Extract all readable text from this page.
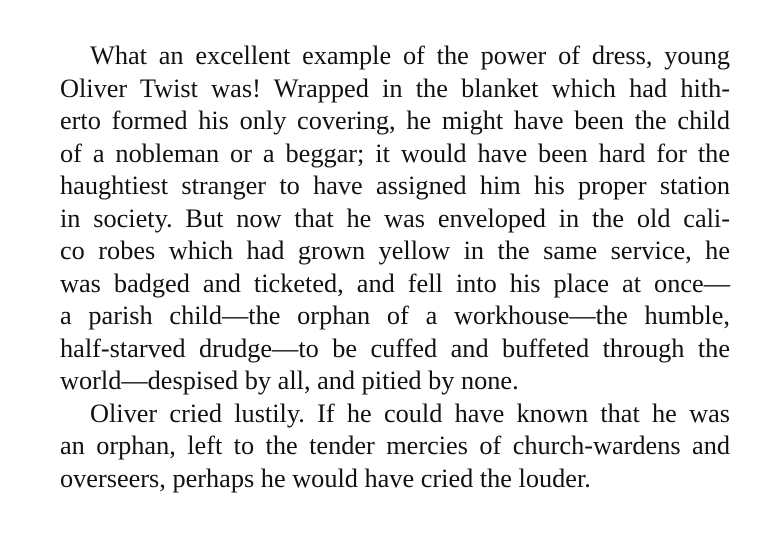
What an excellent example of the power of dress, young
Oliver Twist was! Wrapped in the blanket which had hith-
erto formed his only covering, he might have been the child
of a nobleman or a beggar; it would have been hard for the
haughtiest stranger to have assigned him his proper station
in society. But now that he was enveloped in the old cali-
co robes which had grown yellow in the same service, he
was badged and ticketed, and fell into his place at once—
a parish child—the orphan of a workhouse—the humble,
half-starved drudge—to be cuffed and buffeted through the
world—despised by all, and pitied by none.
Oliver cried lustily. If he could have known that he was
an orphan, left to the tender mercies of church-wardens and
overseers, perhaps he would have cried the louder.
